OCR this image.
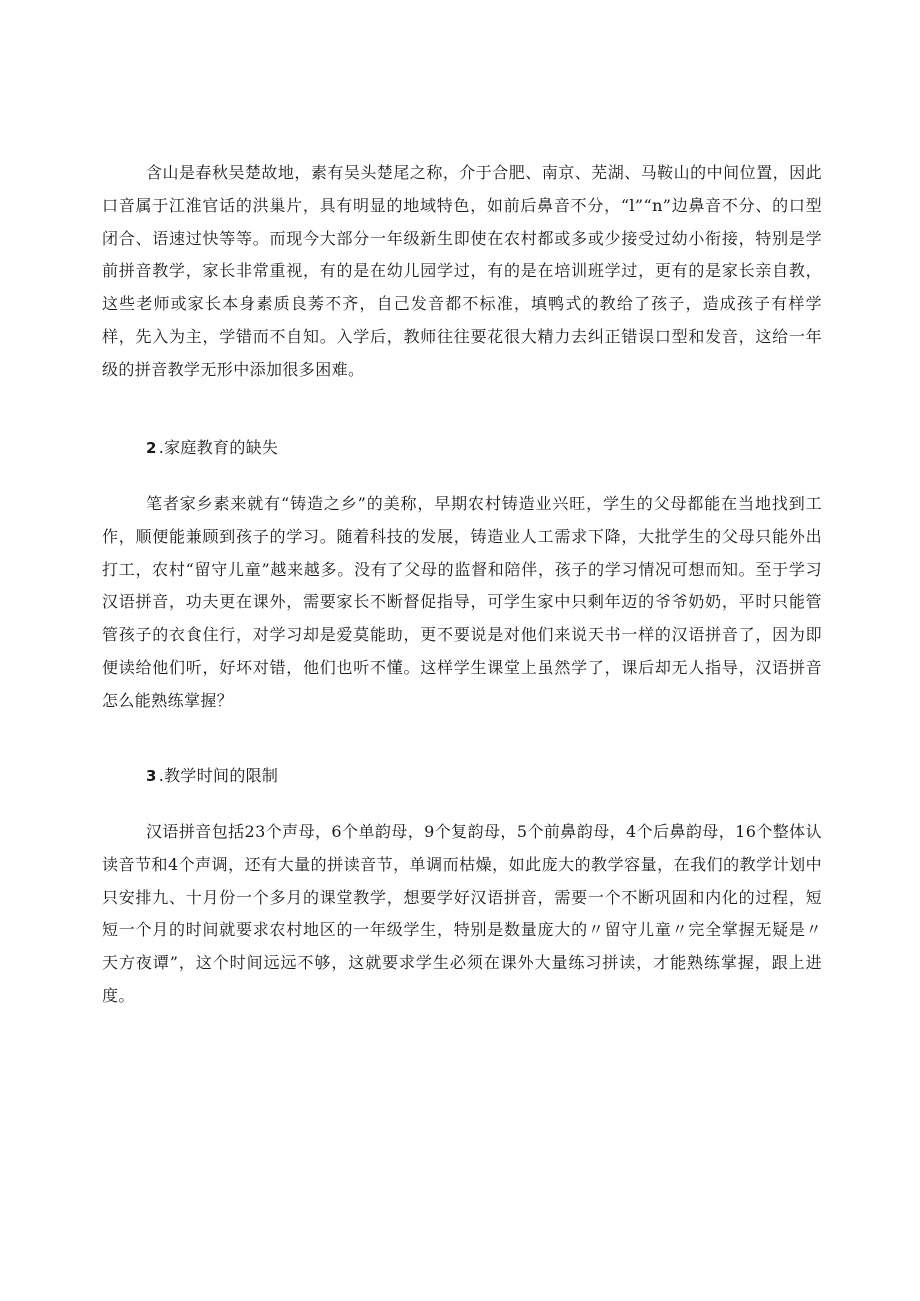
含山是春秋吴楚故地，素有吴头楚尾之称，介于合肥、南京、芜湖、马鞍山的中间位置，因此口音属于江淮官话的洪巢片，具有明显的地域特色，如前后鼻音不分，“l”“n”边鼻音不分、的口型闭合、语速过快等等。而现今大部分一年级新生即使在农村都或多或少接受过幼小衔接，特别是学前拼音教学，家长非常重视，有的是在幼儿园学过，有的是在培训班学过，更有的是家长亲自教，这些老师或家长本身素质良莠不齐，自己发音都不标准，填鸭式的教给了孩子，造成孩子有样学样，先入为主，学错而不自知。入学后，教师往往要花很大精力去纠正错误口型和发音，这给一年级的拼音教学无形中添加很多困难。

2 .家庭教育的缺失

笔者家乡素来就有“铸造之乡”的美称，早期农村铸造业兴旺，学生的父母都能在当地找到工作，顺便能兼顾到孩子的学习。随着科技的发展，铸造业人工需求下降，大批学生的父母只能外出打工，农村“留守儿童”越来越多。没有了父母的监督和陪伴，孩子的学习情况可想而知。至于学习汉语拼音，功夫更在课外，需要家长不断督促指导，可学生家中只剩年迈的爷爷奶奶，平时只能管管孩子的衣食住行，对学习却是爱莫能助，更不要说是对他们来说天书一样的汉语拼音了，因为即便读给他们听，好坏对错，他们也听不懂。这样学生课堂上虽然学了，课后却无人指导，汉语拼音怎么能熟练掌握？

3 .教学时间的限制

汉语拼音包括23个声母，6个单韵母，9个复韵母，5个前鼻韵母，4个后鼻韵母，16个整体认读音节和4个声调，还有大量的拼读音节，单调而枯燥，如此庞大的教学容量，在我们的教学计划中只安排九、十月份一个多月的课堂教学，想要学好汉语拼音，需要一个不断巩固和内化的过程，短短一个月的时间就要求农村地区的一年级学生，特别是数量庞大的〃留守儿童〃完全掌握无疑是〃天方夜谭”，这个时间远远不够，这就要求学生必须在课外大量练习拼读，才能熟练掌握，跟上进度。
